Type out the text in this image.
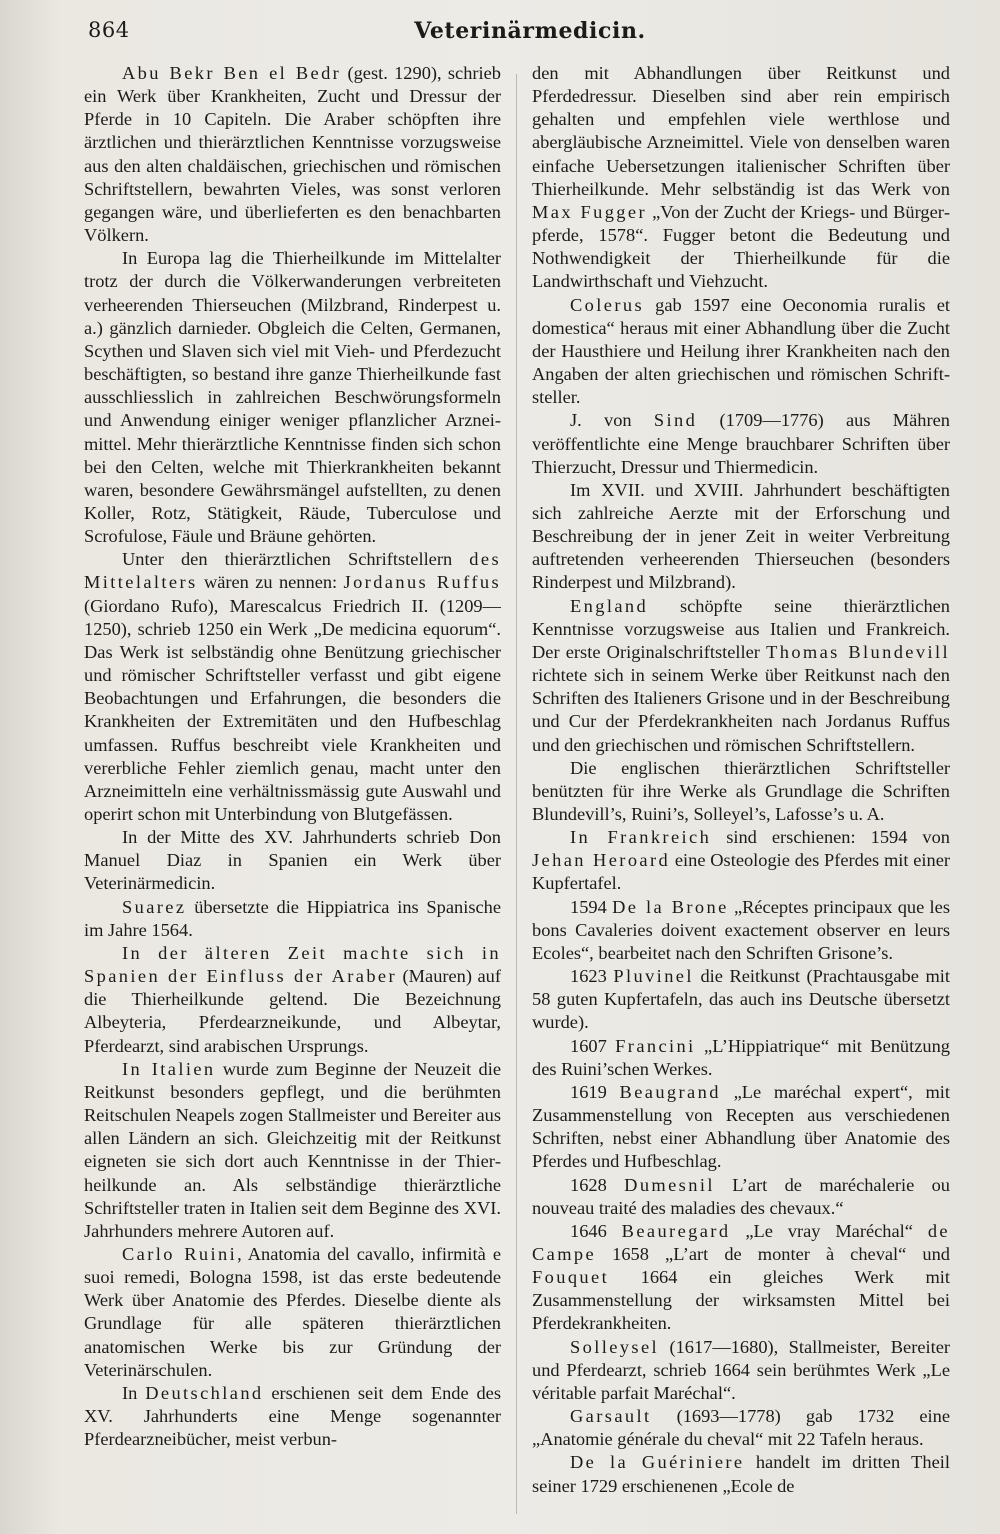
864	Veterinärmedicin.

Abu Bekr Ben el Bedr (gest. 1290), schrieb ein Werk über Krankheiten, Zucht und Dressur der Pferde in 10 Capiteln. Die Araber schöpften ihre ärztlichen und thierärztlichen Kenntnisse vorzugsweise aus den alten chaldäischen, griechischen und römischen Schriftstellern, bewahrten Vieles, was sonst verloren gegangen wäre, und überlieferten es den benachbarten Völkern.

In Europa lag die Thierheilkunde im Mittelalter trotz der durch die Völkerwanderungen verbreiteten verheerenden Thierseuchen (Milzbrand, Rinderpest u. a.) gänzlich darnieder. Obgleich die Celten, Germanen, Scythen und Slaven sich viel mit Vieh- und Pferdezucht beschäftigten, so bestand ihre ganze Thierheilkunde fast ausschliesslich in zahlreichen Beschwörungsformeln und Anwendung einiger weniger pflanzlicher Arzneimittel. Mehr thierärztliche Kenntnisse finden sich schon bei den Celten, welche mit Thierkrankheiten bekannt waren, besondere Gewährsmängel aufstellten, zu denen Koller, Rotz, Stätigkeit, Räude, Tuberculose und Scrofulose, Fäule und Bräune gehörten.

Unter den thierärztlichen Schriftstellern des Mittelalters wären zu nennen: Jordanus Ruffus (Giordano Rufo), Marescalcus Friedrich II. (1209—1250), schrieb 1250 ein Werk „De medicina equorum“. Das Werk ist selbständig ohne Benützung griechischer und römischer Schriftsteller verfasst und gibt eigene Beobachtungen und Erfahrungen, die besonders die Krankheiten der Extremitäten und den Hufbeschlag umfassen. Ruffus beschreibt viele Krankheiten und vererbliche Fehler ziemlich genau, macht unter den Arzneimitteln eine verhältnissmässig gute Auswahl und operirt schon mit Unterbindung von Blutgefässen.

In der Mitte des XV. Jahrhunderts schrieb Don Manuel Diaz in Spanien ein Werk über Veterinärmedicin.

Suarez übersetzte die Hippiatrica ins Spanische im Jahre 1564.

In der älteren Zeit machte sich in Spanien der Einfluss der Araber (Mauren) auf die Thierheilkunde geltend. Die Bezeichnung Albeyteria, Pferdearzneikunde, und Albeytar, Pferdearzt, sind arabischen Ursprungs.

In Italien wurde zum Beginne der Neuzeit die Reitkunst besonders gepflegt, und die berühmten Reitschulen Neapels zogen Stallmeister und Bereiter aus allen Ländern an sich. Gleichzeitig mit der Reitkunst eigneten sie sich dort auch Kenntnisse in der Thierheilkunde an. Als selbständige thierärztliche Schriftsteller traten in Italien seit dem Beginne des XVI. Jahrhunders mehrere Autoren auf.

Carlo Ruini, Anatomia del cavallo, infirmità e suoi remedi, Bologna 1598, ist das erste bedeutende Werk über Anatomie des Pferdes. Dieselbe diente als Grundlage für alle späteren thierärztlichen anatomischen Werke bis zur Gründung der Veterinärschulen.

In Deutschland erschienen seit dem Ende des XV. Jahrhunderts eine Menge sogenannter Pferdearzneibücher, meist verbun-

den mit Abhandlungen über Reitkunst und Pferdedressur. Dieselben sind aber rein empirisch gehalten und empfehlen viele werthlose und abergläubische Arzneimittel. Viele von denselben waren einfache Uebersetzungen italienischer Schriften über Thierheilkunde. Mehr selbständig ist das Werk von Max Fugger „Von der Zucht der Kriegs- und Bürgerpferde, 1578“. Fugger betont die Bedeutung und Nothwendigkeit der Thierheilkunde für die Landwirthschaft und Viehzucht.

Colerus gab 1597 eine Oeconomia ruralis et domestica“ heraus mit einer Abhandlung über die Zucht der Hausthiere und Heilung ihrer Krankheiten nach den Angaben der alten griechischen und römischen Schriftsteller.

J. von Sind (1709—1776) aus Mähren veröffentlichte eine Menge brauchbarer Schriften über Thierzucht, Dressur und Thiermedicin.

Im XVII. und XVIII. Jahrhundert beschäftigten sich zahlreiche Aerzte mit der Erforschung und Beschreibung der in jener Zeit in weiter Verbreitung auftretenden verheerenden Thierseuchen (besonders Rinderpest und Milzbrand).

England schöpfte seine thierärztlichen Kenntnisse vorzugsweise aus Italien und Frankreich. Der erste Originalschriftsteller Thomas Blundevill richtete sich in seinem Werke über Reitkunst nach den Schriften des Italieners Grisone und in der Beschreibung und Cur der Pferdekrankheiten nach Jordanus Ruffus und den griechischen und römischen Schriftstellern.

Die englischen thierärztlichen Schriftsteller benützten für ihre Werke als Grundlage die Schriften Blundevill’s, Ruini’s, Solleyel’s, Lafosse’s u. A.

In Frankreich sind erschienen: 1594 von Jehan Heroard eine Osteologie des Pferdes mit einer Kupfertafel.

1594 De la Brone „Réceptes principaux que les bons Cavaleries doivent exactement observer en leurs Ecoles“, bearbeitet nach den Schriften Grisone’s.

1623 Pluvinel die Reitkunst (Prachtausgabe mit 58 guten Kupfertafeln, das auch ins Deutsche übersetzt wurde).

1607 Francini „L’Hippiatrique“ mit Benützung des Ruini’schen Werkes.

1619 Beaugrand „Le maréchal expert“, mit Zusammenstellung von Recepten aus verschiedenen Schriften, nebst einer Abhandlung über Anatomie des Pferdes und Hufbeschlag.

1628 Dumesnil L’art de maréchalerie ou nouveau traité des maladies des chevaux.“

1646 Beauregard „Le vray Maréchal“ de Campe 1658 „L’art de monter à cheval“ und Fouquet 1664 ein gleiches Werk mit Zusammenstellung der wirksamsten Mittel bei Pferdekrankheiten.

Solleysel (1617—1680), Stallmeister, Bereiter und Pferdearzt, schrieb 1664 sein berühmtes Werk „Le véritable parfait Maréchal“.

Garsault (1693—1778) gab 1732 eine „Anatomie générale du cheval“ mit 22 Tafeln heraus.

De la Guériniere handelt im dritten Theil seiner 1729 erschienenen „Ecole de
